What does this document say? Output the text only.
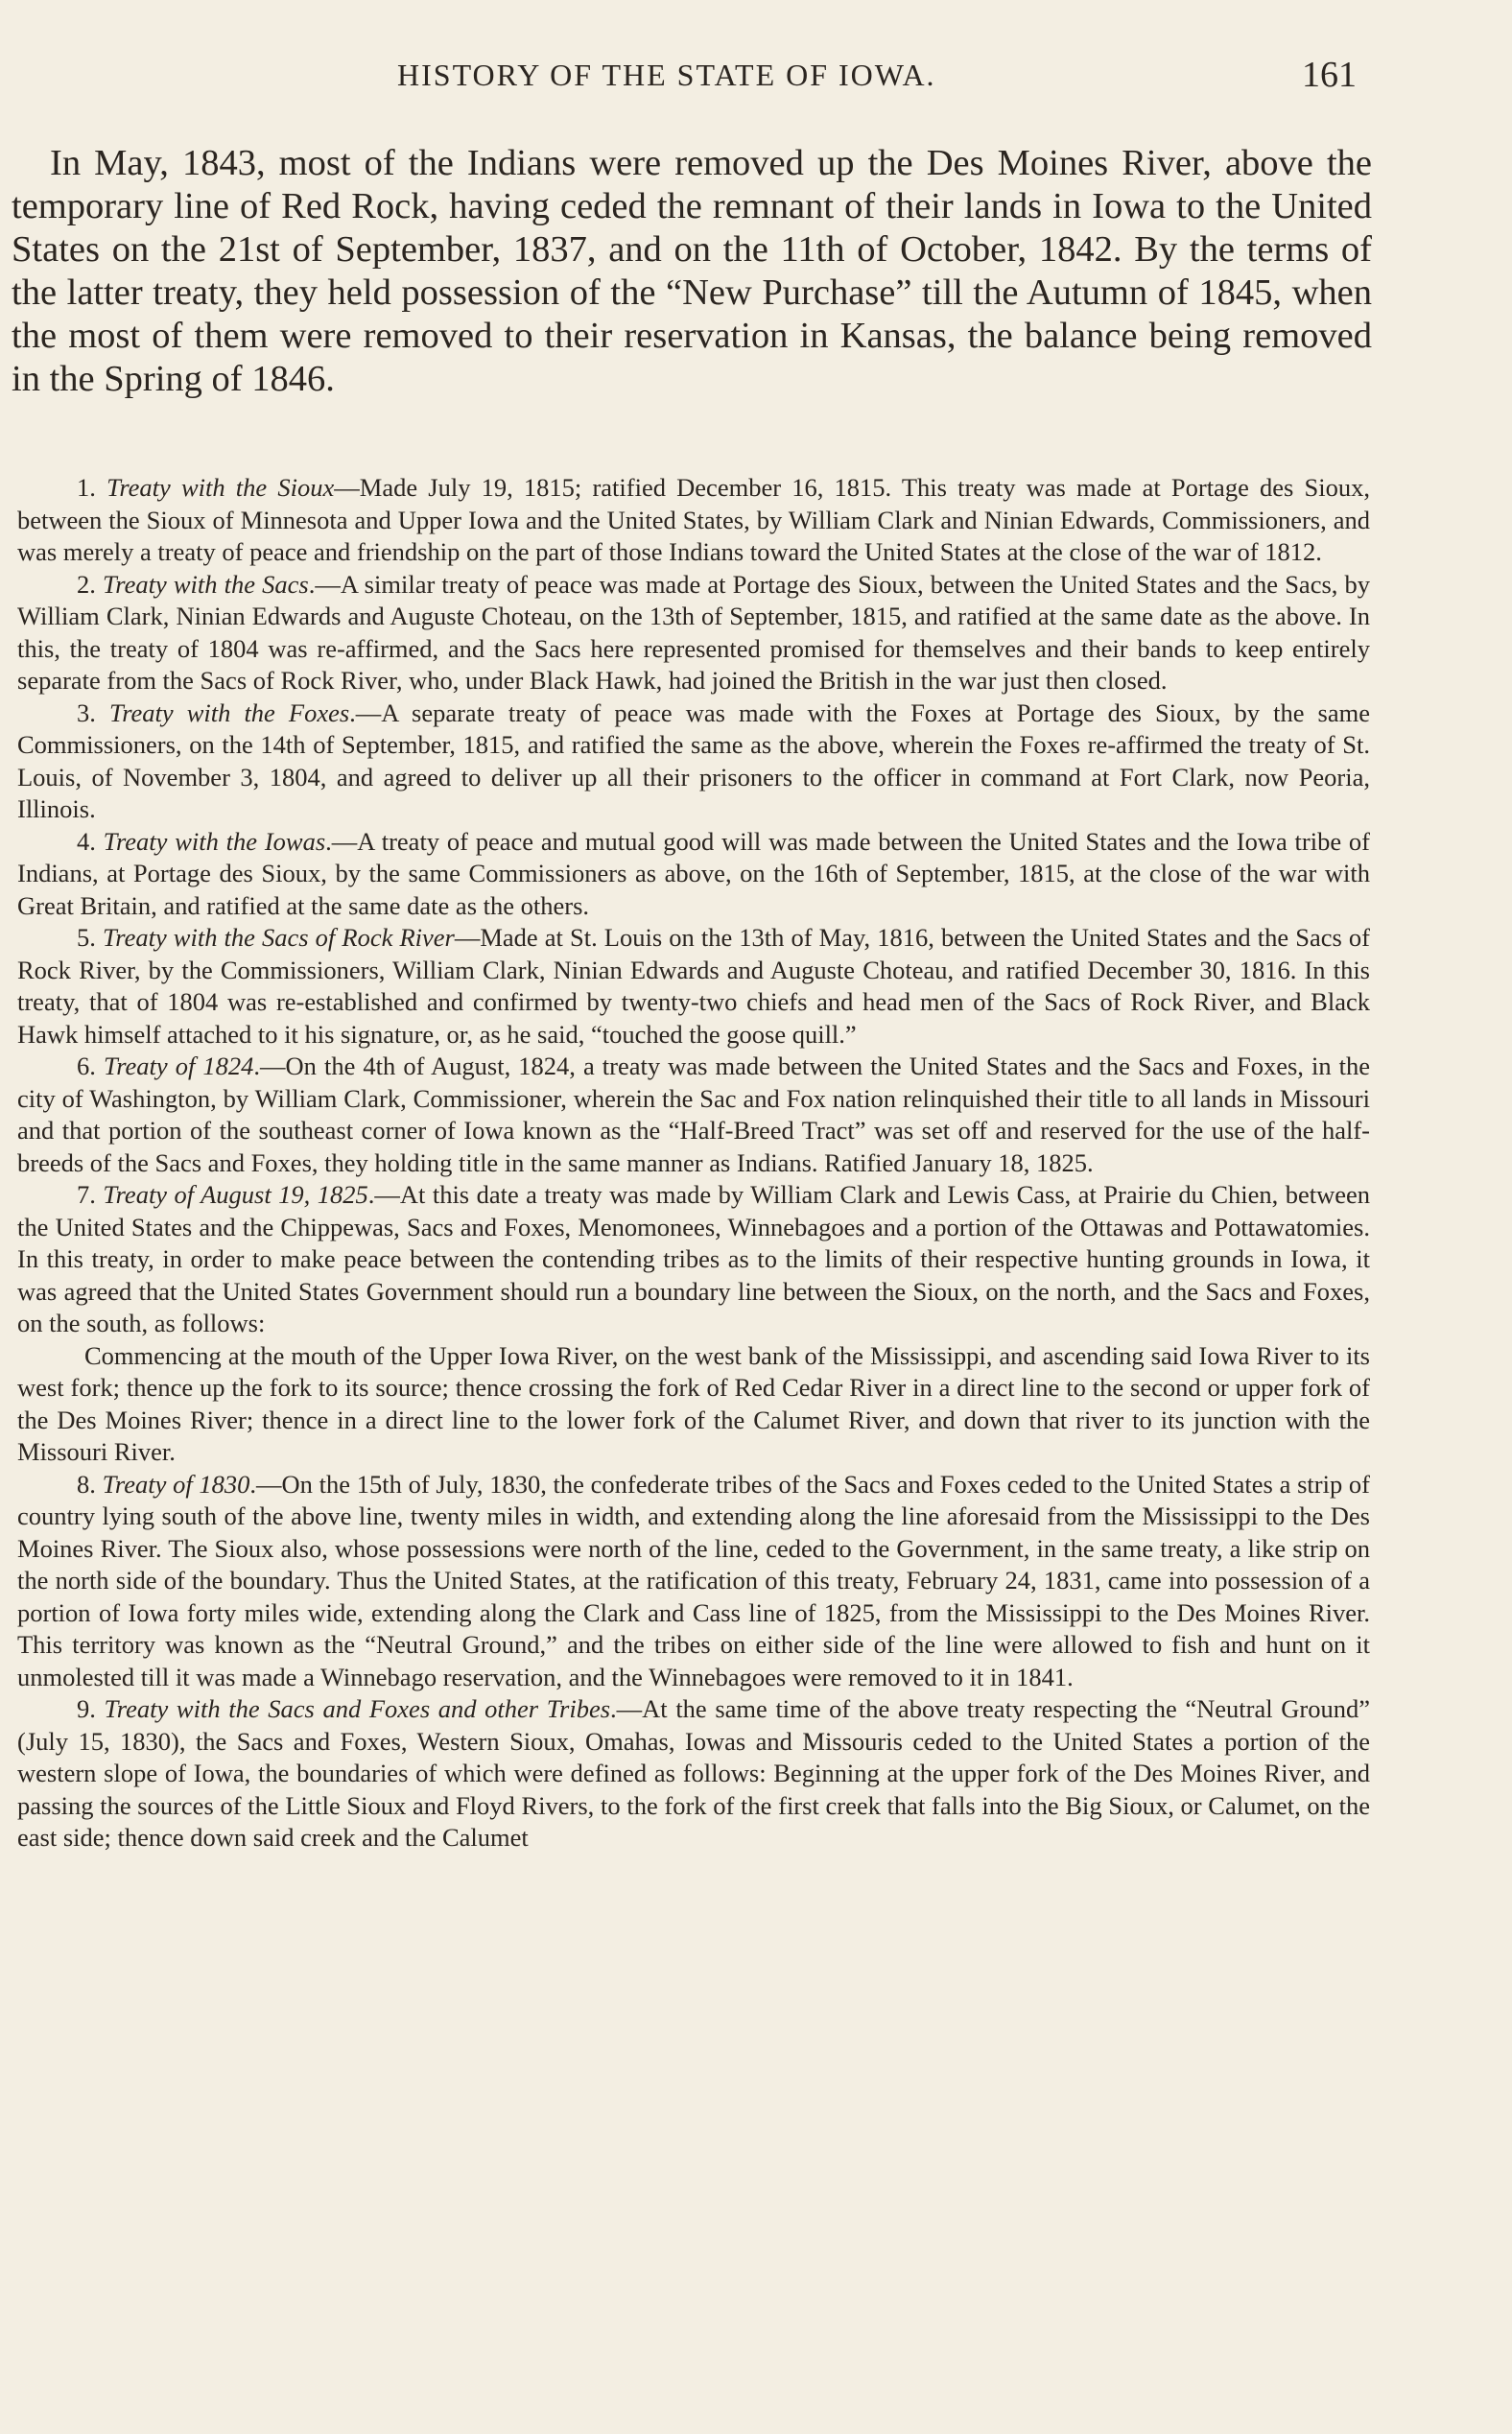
HISTORY OF THE STATE OF IOWA.	161

In May, 1843, most of the Indians were removed up the Des Moines River, above the temporary line of Red Rock, having ceded the remnant of their lands in Iowa to the United States on the 21st of September, 1837, and on the 11th of October, 1842. By the terms of the latter treaty, they held possession of the “New Purchase” till the Autumn of 1845, when the most of them were removed to their reservation in Kansas, the balance being removed in the Spring of 1846.

1. Treaty with the Sioux—Made July 19, 1815; ratified December 16, 1815. This treaty was made at Portage des Sioux, between the Sioux of Minnesota and Upper Iowa and the United States, by William Clark and Ninian Edwards, Commissioners, and was merely a treaty of peace and friendship on the part of those Indians toward the United States at the close of the war of 1812.

2. Treaty with the Sacs.—A similar treaty of peace was made at Portage des Sioux, between the United States and the Sacs, by William Clark, Ninian Edwards and Auguste Choteau, on the 13th of September, 1815, and ratified at the same date as the above. In this, the treaty of 1804 was re-affirmed, and the Sacs here represented promised for themselves and their bands to keep entirely separate from the Sacs of Rock River, who, under Black Hawk, had joined the British in the war just then closed.

3. Treaty with the Foxes.—A separate treaty of peace was made with the Foxes at Portage des Sioux, by the same Commissioners, on the 14th of September, 1815, and ratified the same as the above, wherein the Foxes re-affirmed the treaty of St. Louis, of November 3, 1804, and agreed to deliver up all their prisoners to the officer in command at Fort Clark, now Peoria, Illinois.

4. Treaty with the Iowas.—A treaty of peace and mutual good will was made between the United States and the Iowa tribe of Indians, at Portage des Sioux, by the same Commissioners as above, on the 16th of September, 1815, at the close of the war with Great Britain, and ratified at the same date as the others.

5. Treaty with the Sacs of Rock River—Made at St. Louis on the 13th of May, 1816, between the United States and the Sacs of Rock River, by the Commissioners, William Clark, Ninian Edwards and Auguste Choteau, and ratified December 30, 1816. In this treaty, that of 1804 was re-established and confirmed by twenty-two chiefs and head men of the Sacs of Rock River, and Black Hawk himself attached to it his signature, or, as he said, “touched the goose quill.”

6. Treaty of 1824.—On the 4th of August, 1824, a treaty was made between the United States and the Sacs and Foxes, in the city of Washington, by William Clark, Commissioner, wherein the Sac and Fox nation relinquished their title to all lands in Missouri and that portion of the southeast corner of Iowa known as the “Half-Breed Tract” was set off and reserved for the use of the half-breeds of the Sacs and Foxes, they holding title in the same manner as Indians. Ratified January 18, 1825.

7. Treaty of August 19, 1825.—At this date a treaty was made by William Clark and Lewis Cass, at Prairie du Chien, between the United States and the Chippewas, Sacs and Foxes, Menomonees, Winnebagoes and a portion of the Ottawas and Pottawatomies. In this treaty, in order to make peace between the contending tribes as to the limits of their respective hunting grounds in Iowa, it was agreed that the United States Government should run a boundary line between the Sioux, on the north, and the Sacs and Foxes, on the south, as follows:

Commencing at the mouth of the Upper Iowa River, on the west bank of the Mississippi, and ascending said Iowa River to its west fork; thence up the fork to its source; thence crossing the fork of Red Cedar River in a direct line to the second or upper fork of the Des Moines River; thence in a direct line to the lower fork of the Calumet River, and down that river to its junction with the Missouri River.

8. Treaty of 1830.—On the 15th of July, 1830, the confederate tribes of the Sacs and Foxes ceded to the United States a strip of country lying south of the above line, twenty miles in width, and extending along the line aforesaid from the Mississippi to the Des Moines River. The Sioux also, whose possessions were north of the line, ceded to the Government, in the same treaty, a like strip on the north side of the boundary. Thus the United States, at the ratification of this treaty, February 24, 1831, came into possession of a portion of Iowa forty miles wide, extending along the Clark and Cass line of 1825, from the Mississippi to the Des Moines River. This territory was known as the “Neutral Ground,” and the tribes on either side of the line were allowed to fish and hunt on it unmolested till it was made a Winnebago reservation, and the Winnebagoes were removed to it in 1841.

9. Treaty with the Sacs and Foxes and other Tribes.—At the same time of the above treaty respecting the “Neutral Ground” (July 15, 1830), the Sacs and Foxes, Western Sioux, Omahas, Iowas and Missouris ceded to the United States a portion of the western slope of Iowa, the boundaries of which were defined as follows: Beginning at the upper fork of the Des Moines River, and passing the sources of the Little Sioux and Floyd Rivers, to the fork of the first creek that falls into the Big Sioux, or Calumet, on the east side; thence down said creek and the Calumet
